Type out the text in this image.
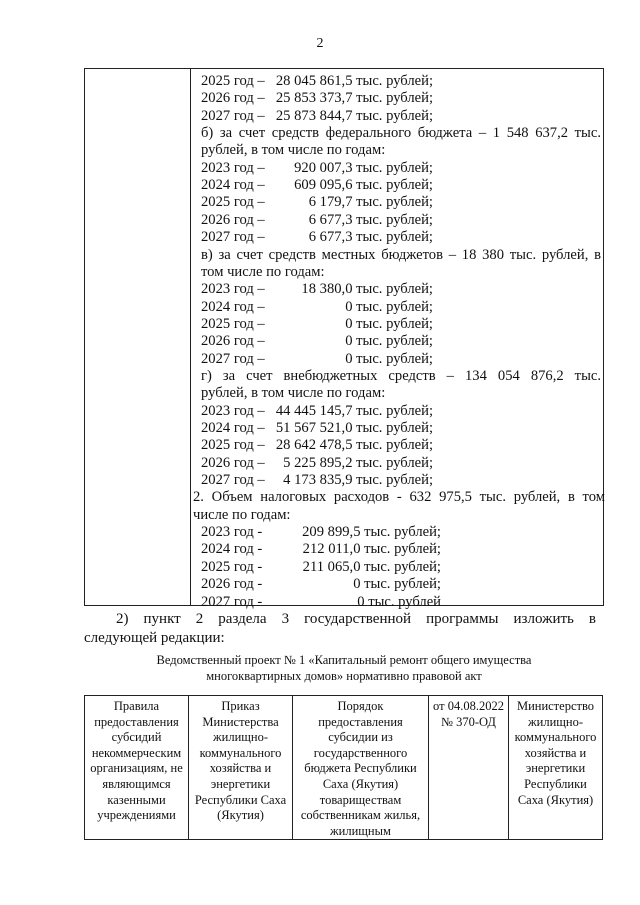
2
2025 год – 28 045 861,5 тыс. рублей;
2026 год – 25 853 373,7 тыс. рублей;
2027 год – 25 873 844,7 тыс. рублей;
б) за счет средств федерального бюджета – 1 548 637,2 тыс.
рублей, в том числе по годам:
2023 год – 920 007,3 тыс. рублей;
2024 год – 609 095,6 тыс. рублей;
2025 год –	6 179,7 тыс. рублей;
2026 год –	6 677,3 тыс. рублей;
2027 год –	6 677,3 тыс. рублей;
в) за счет средств местных бюджетов – 18 380 тыс. рублей, в
том числе по годам:
2023 год –	18 380,0 тыс. рублей;
2024 год –	0 тыс. рублей;
2025 год –	0 тыс. рублей;
2026 год –	0 тыс. рублей;
2027 год –	0 тыс. рублей;
г) за счет внебюджетных средств – 134 054 876,2 тыс.
рублей, в том числе по годам:
2023 год – 44 445 145,7 тыс. рублей;
2024 год – 51 567 521,0 тыс. рублей;
2025 год – 28 642 478,5 тыс. рублей;
2026 год – 5 225 895,2 тыс. рублей;
2027 год – 4 173 835,9 тыс. рублей;
2. Объем налоговых расходов - 632 975,5 тыс. рублей, в том
числе по годам:
2023 год -	209 899,5 тыс. рублей;
2024 год -	212 011,0 тыс. рублей;
2025 год -	211 065,0 тыс. рублей;
2026 год -	0 тыс. рублей;
2027 год -	0 тыс. рублей
2) пункт 2 раздела 3 государственной программы изложить в
следующей редакции:
Ведомственный проект № 1 «Капитальный ремонт общего имущества
многоквартирных домов» нормативно правовой акт
Правила предоставления субсидий некоммерческим организациям, не являющимся казенными учреждениями	Приказ Министерства жилищно-коммунального хозяйства и энергетики Республики Саха (Якутия)	Порядок предоставления субсидии из государственного бюджета Республики Саха (Якутия) товариществам собственникам жилья, жилищным	от 04.08.2022 № 370-ОД	Министерство жилищно-коммунального хозяйства и энергетики Республики Саха (Якутия)
